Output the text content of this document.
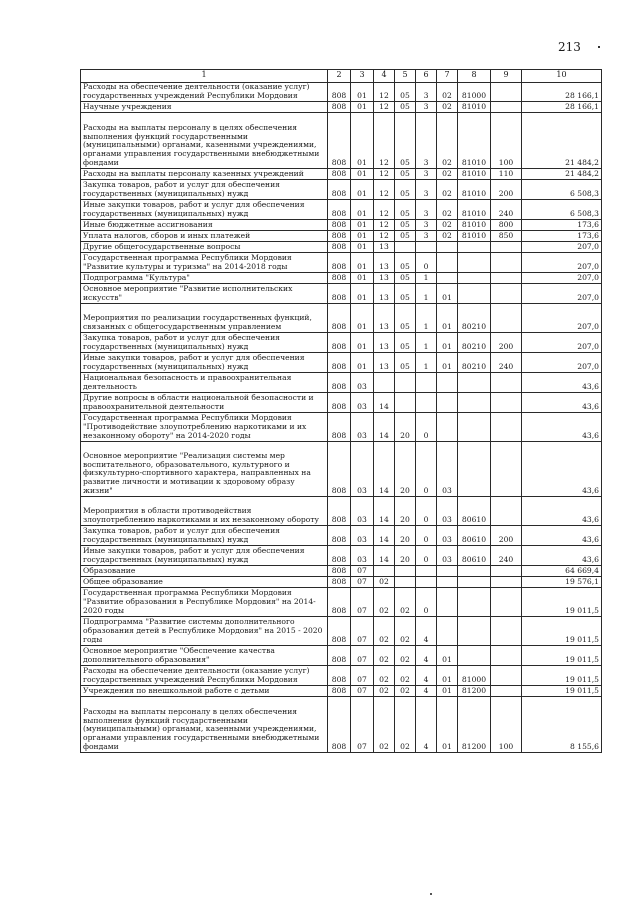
213
1	2	3	4	5	6	7	8	9	10
Расходы на обеспечение деятельности (оказание услуг) государственных учреждений Республики Мордовия	808	01	12	05	3	02	81000		28 166,1
Научные учреждения	808	01	12	05	3	02	81010		28 166,1
Расходы на выплаты персоналу в целях обеспечения выполнения функций государственными (муниципальными) органами, казенными учреждениями, органами управления государственными внебюджетными фондами	808	01	12	05	3	02	81010	100	21 484,2
Расходы на выплаты персоналу казенных учреждений	808	01	12	05	3	02	81010	110	21 484,2
Закупка товаров, работ и услуг для обеспечения государственных (муниципальных) нужд	808	01	12	05	3	02	81010	200	6 508,3
Иные закупки товаров, работ и услуг для обеспечения государственных (муниципальных) нужд	808	01	12	05	3	02	81010	240	6 508,3
Иные бюджетные ассигнования	808	01	12	05	3	02	81010	800	173,6
Уплата налогов, сборов и иных платежей	808	01	12	05	3	02	81010	850	173,6
Другие общегосударственные вопросы	808	01	13						207,0
Государственная программа Республики Мордовия "Развитие культуры и туризма" на 2014-2018 годы	808	01	13	05	0				207,0
Подпрограмма "Культура"	808	01	13	05	1				207,0
Основное мероприятие "Развитие исполнительских искусств"	808	01	13	05	1	01			207,0
Мероприятия по реализации государственных функций, связанных с общегосударственным управлением	808	01	13	05	1	01	80210		207,0
Закупка товаров, работ и услуг для обеспечения государственных (муниципальных) нужд	808	01	13	05	1	01	80210	200	207,0
Иные закупки товаров, работ и услуг для обеспечения государственных (муниципальных) нужд	808	01	13	05	1	01	80210	240	207,0
Национальная безопасность и правоохранительная деятельность	808	03							43,6
Другие вопросы в области национальной безопасности и правоохранительной деятельности	808	03	14						43,6
Государственная программа Республики Мордовия "Противодействие злоупотреблению наркотиками и их незаконному обороту" на 2014-2020 годы	808	03	14	20	0				43,6
Основное мероприятие "Реализация системы мер воспитательного, образовательного, культурного и физкультурно-спортивного характера, направленных на развитие личности и мотивации к здоровому образу жизни"	808	03	14	20	0	03			43,6
Мероприятия в области противодействия злоупотреблению наркотиками и их незаконному обороту	808	03	14	20	0	03	80610		43,6
Закупка товаров, работ и услуг для обеспечения государственных (муниципальных) нужд	808	03	14	20	0	03	80610	200	43,6
Иные закупки товаров, работ и услуг для обеспечения государственных (муниципальных) нужд	808	03	14	20	0	03	80610	240	43,6
Образование	808	07							64 669,4
Общее образование	808	07	02						19 576,1
Государственная программа Республики Мордовия "Развитие образования в Республике Мордовия" на 2014-2020 годы	808	07	02	02	0				19 011,5
Подпрограмма "Развитие системы дополнительного образования детей в Республике Мордовия" на 2015 - 2020 годы	808	07	02	02	4				19 011,5
Основное мероприятие "Обеспечение качества дополнительного образования"	808	07	02	02	4	01			19 011,5
Расходы на обеспечение деятельности (оказание услуг) государственных учреждений Республики Мордовия	808	07	02	02	4	01	81000		19 011,5
Учреждения по внешкольной работе с детьми	808	07	02	02	4	01	81200		19 011,5
Расходы на выплаты персоналу в целях обеспечения выполнения функций государственными (муниципальными) органами, казенными учреждениями, органами управления государственными внебюджетными фондами	808	07	02	02	4	01	81200	100	8 155,6
